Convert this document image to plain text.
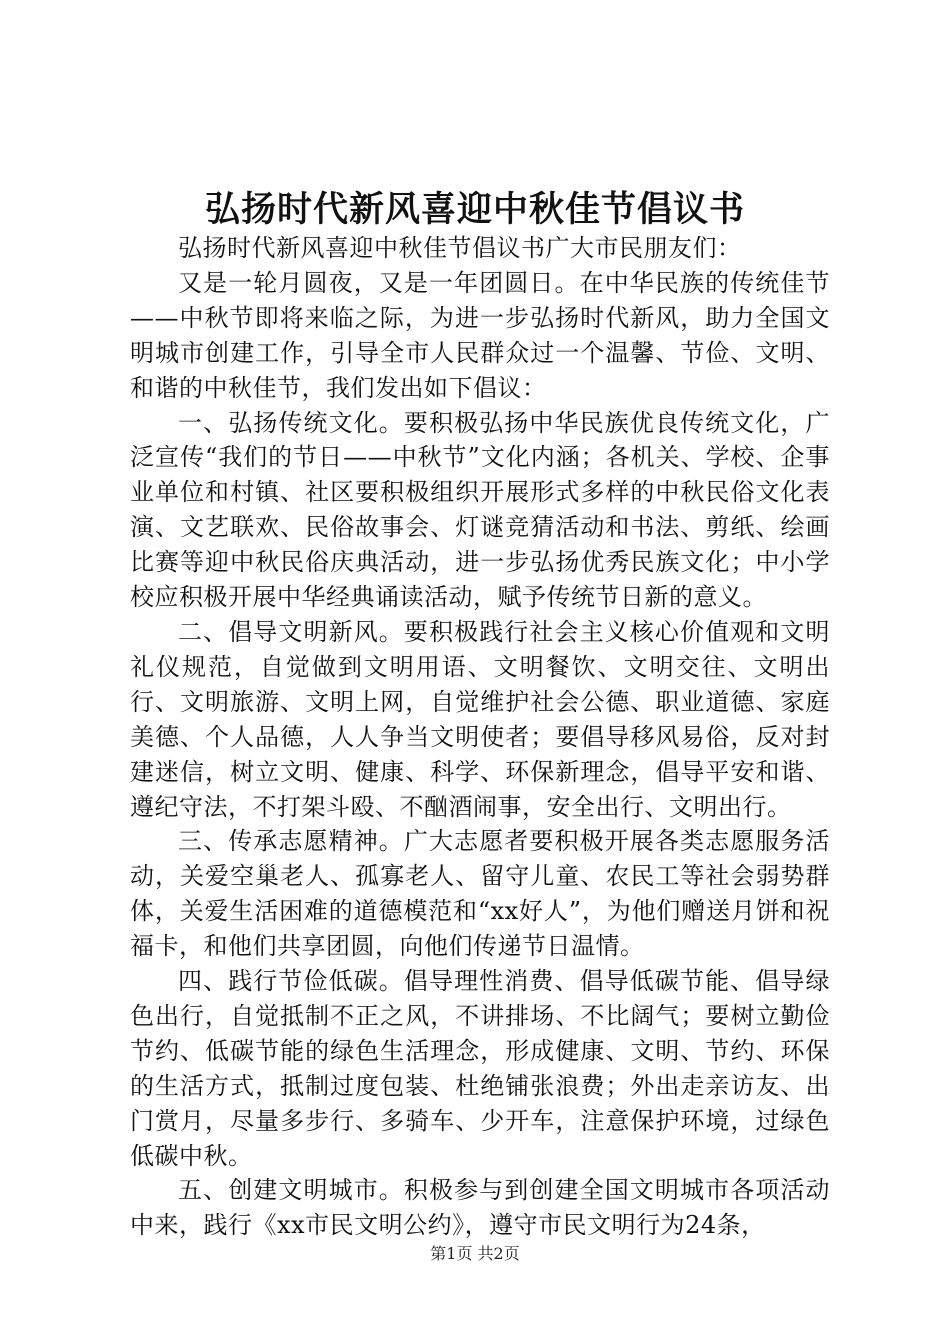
弘扬时代新风喜迎中秋佳节倡议书

弘扬时代新风喜迎中秋佳节倡议书广大市民朋友们：

又是一轮月圆夜，又是一年团圆日。在中华民族的传统佳节——中秋节即将来临之际，为进一步弘扬时代新风，助力全国文明城市创建工作，引导全市人民群众过一个温馨、节俭、文明、和谐的中秋佳节，我们发出如下倡议：

一、弘扬传统文化。要积极弘扬中华民族优良传统文化，广泛宣传“我们的节日——中秋节”文化内涵；各机关、学校、企事业单位和村镇、社区要积极组织开展形式多样的中秋民俗文化表演、文艺联欢、民俗故事会、灯谜竞猜活动和书法、剪纸、绘画比赛等迎中秋民俗庆典活动，进一步弘扬优秀民族文化；中小学校应积极开展中华经典诵读活动，赋予传统节日新的意义。

二、倡导文明新风。要积极践行社会主义核心价值观和文明礼仪规范，自觉做到文明用语、文明餐饮、文明交往、文明出行、文明旅游、文明上网，自觉维护社会公德、职业道德、家庭美德、个人品德，人人争当文明使者；要倡导移风易俗，反对封建迷信，树立文明、健康、科学、环保新理念，倡导平安和谐、遵纪守法，不打架斗殴、不酗酒闹事，安全出行、文明出行。

三、传承志愿精神。广大志愿者要积极开展各类志愿服务活动，关爱空巢老人、孤寡老人、留守儿童、农民工等社会弱势群体，关爱生活困难的道德模范和“xx好人”，为他们赠送月饼和祝福卡，和他们共享团圆，向他们传递节日温情。

四、践行节俭低碳。倡导理性消费、倡导低碳节能、倡导绿色出行，自觉抵制不正之风，不讲排场、不比阔气；要树立勤俭节约、低碳节能的绿色生活理念，形成健康、文明、节约、环保的生活方式，抵制过度包装、杜绝铺张浪费；外出走亲访友、出门赏月，尽量多步行、多骑车、少开车，注意保护环境，过绿色低碳中秋。

五、创建文明城市。积极参与到创建全国文明城市各项活动中来，践行《xx市民文明公约》，遵守市民文明行为24条，

第1页 共2页
